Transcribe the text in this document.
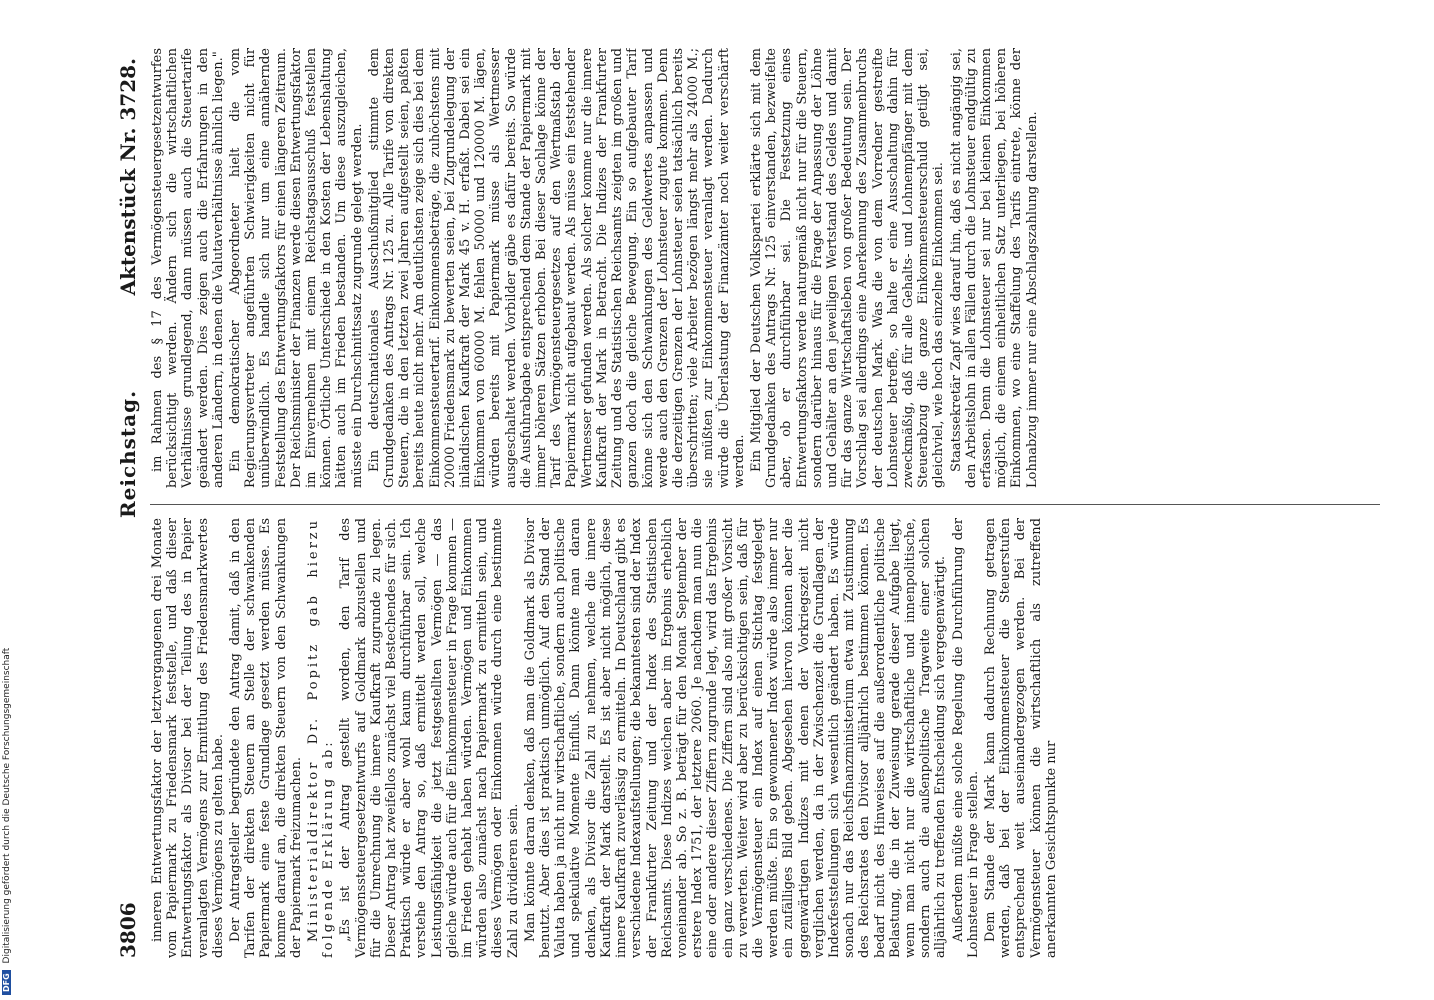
3806
Reichstag.
Aktenstück Nr. 3728.

inneren Entwertungsfaktor der letztvergangenen drei Monate vom Papiermark zu Friedensmark feststelle, und daß dieser Entwertungsfaktor als Divisor bei der Teilung des in Papier veranlagten Vermögens zur Ermittlung des Friedensmarkwertes dieses Vermögens zu gelten habe. Der Antragsteller begründete den Antrag damit, daß in den Tarifen der direkten Steuern an Stelle der schwankenden Papiermark eine feste Grundlage gesetzt werden müsse. Es komme darauf an, die direkten Steuern von den Schwankungen der Papiermark freizumachen. Ministerialdirektor Dr. Popitz gab hierzu folgende Erklärung ab: „Es ist der Antrag gestellt worden, den Tarif des Vermögenssteuergesetzentwurfs auf Goldmark abzustellen und für die Umrechnung die innere Kaufkraft zugrunde zu legen. Dieser Antrag hat zweifellos zunächst viel Bestechendes für sich. Praktisch würde er aber wohl kaum durchführbar sein. Ich verstehe den Antrag so, daß ermittelt werden soll, welche Leistungsfähigkeit die jetzt festgestellten Vermögen — das gleiche würde auch für die Einkommensteuer in Frage kommen — im Frieden gehabt haben würden. Vermögen und Einkommen würden also zunächst nach Papiermark zu ermitteln sein, und dieses Vermögen oder Einkommen würde durch eine bestimmte Zahl zu dividieren sein. Man könnte daran denken, daß man die Goldmark als Divisor benutzt. Aber dies ist praktisch unmöglich. Auf den Stand der Valuta haben ja nicht nur wirtschaftliche, sondern auch politische und spekulative Momente Einfluß. Dann könnte man daran denken, als Divisor die Zahl zu nehmen, welche die innere Kaufkraft der Mark darstellt. Es ist aber nicht möglich, diese innere Kaufkraft zuverlässig zu ermitteln. In Deutschland gibt es verschiedene Indexaufstellungen; die bekanntesten sind der Index der Frankfurter Zeitung und der Index des Statistischen Reichsamts. Diese Indizes weichen aber im Ergebnis erheblich voneinander ab. So z. B. beträgt für den Monat September der erstere Index 1751, der letztere 2060. Je nachdem man nun die eine oder andere dieser Ziffern zugrunde legt, wird das Ergebnis ein ganz verschiedenes. Die Ziffern sind also mit großer Vorsicht zu verwerten. Weiter wird aber zu berücksichtigen sein, daß für die Vermögensteuer ein Index auf einen Stichtag festgelegt werden müßte. Ein so gewonnener Index würde also immer nur ein zufälliges Bild geben. Abgesehen hiervon können aber die gegenwärtigen Indizes mit denen der Vorkriegszeit nicht verglichen werden, da in der Zwischenzeit die Grundlagen der Indexfeststellungen sich wesentlich geändert haben. Es würde sonach nur das Reichsfinanzministerium etwa mit Zustimmung des Reichsrates den Divisor alljährlich bestimmen können. Es bedarf nicht des Hinweises auf die außerordentliche politische Belastung, die in der Zuweisung gerade dieser Aufgabe liegt, wenn man nicht nur die wirtschaftliche und innenpolitische, sondern auch die außenpolitische Tragweite einer solchen alljährlich zu treffenden Entscheidung sich vergegenwärtigt. Außerdem müßte eine solche Regelung die Durchführung der Lohnsteuer in Frage stellen. Dem Stande der Mark kann dadurch Rechnung getragen werden, daß bei der Einkommensteuer die Steuerstufen entsprechend weit auseinandergezogen werden. Bei der Vermögensteuer können die wirtschaftlich als zutreffend anerkannten Gesichtspunkte nur

im Rahmen des § 17 des Vermögensteuergesetzentwurfes berücksichtigt werden. Ändern sich die wirtschaftlichen Verhältnisse grundlegend, dann müssen auch die Steuertarife geändert werden. Dies zeigen auch die Erfahrungen in den anderen Ländern, in denen die Valutaverhältnisse ähnlich liegen." Ein demokratischer Abgeordneter hielt die vom Regierungsvertreter angeführten Schwierigkeiten nicht für unüberwindlich. Es handle sich nur um eine annähernde Feststellung des Entwertungsfaktors für einen längeren Zeitraum. Der Reichsminister der Finanzen werde diesen Entwertungsfaktor im Einvernehmen mit einem Reichstagsausschuß feststellen können. Örtliche Unterschiede in den Kosten der Lebenshaltung hätten auch im Frieden bestanden. Um diese auszugleichen, müsste ein Durchschnittssatz zugrunde gelegt werden. Ein deutschnationales Ausschußmitglied stimmte dem Grundgedanken des Antrags Nr. 125 zu. Alle Tarife von direkten Steuern, die in den letzten zwei Jahren aufgestellt seien, paßten bereits heute nicht mehr. Am deutlichsten zeige sich dies bei dem Einkommensteuertarif. Einkommensbeträge, die zuhöchstens mit 20000 Friedensmark zu bewerten seien, bei Zugrundelegung der inländischen Kaufkraft der Mark 45 v. H. erfaßt. Dabei sei ein Einkommen von 60000 M. fehlen 50000 und 120000 M. lägen, würden bereits mit Papiermark müsse als Wertmesser ausgeschaltet werden. Vorbilder gäbe es dafür bereits. So würde die Ausfuhrabgabe entsprechend dem Stande der Papiermark mit immer höheren Sätzen erhoben. Bei dieser Sachlage könne der Tarif des Vermögensteuergesetzes auf den Wertmaßstab der Papiermark nicht aufgebaut werden. Als müsse ein feststehender Wertmesser gefunden werden. Als solcher komme nur die innere Kaufkraft der Mark in Betracht. Die Indizes der Frankfurter Zeitung und des Statistischen Reichsamts zeigten im großen und ganzen doch die gleiche Bewegung. Ein so aufgebauter Tarif könne sich den Schwankungen des Geldwertes anpassen und werde auch den Grenzen der Lohnsteuer zugute kommen. Denn die derzeitigen Grenzen der Lohnsteuer seien tatsächlich bereits überschritten; viele Arbeiter bezögen längst mehr als 24000 M.; sie müßten zur Einkommensteuer veranlagt werden. Dadurch würde die Überlastung der Finanzämter noch weiter verschärft werden. Ein Mitglied der Deutschen Volkspartei erklärte sich mit dem Grundgedanken des Antrags Nr. 125 einverstanden, bezweifelte aber, ob er durchführbar sei. Die Festsetzung eines Entwertungsfaktors werde naturgemäß nicht nur für die Steuern, sondern darüber hinaus für die Frage der Anpassung der Löhne und Gehälter an den jeweiligen Wertstand des Geldes und damit für das ganze Wirtschaftsleben von großer Bedeutung sein. Der Vorschlag sei allerdings eine Anerkennung des Zusammenbruchs der deutschen Mark. Was die von dem Vorredner gestreifte Lohnsteuer betreffe, so halte er eine Ausschaltung dahin für zweckmäßig, daß für alle Gehalts- und Lohnempfänger mit dem Steuerabzug die ganze Einkommensteuerschuld getilgt sei, gleichviel, wie hoch das einzelne Einkommen sei. Staatssekretär Zapf wies darauf hin, daß es nicht angängig sei, den Arbeitslohn in allen Fällen durch die Lohnsteuer endgültig zu erfassen. Denn die Lohnsteuer sei nur bei kleinen Einkommen möglich, die einem einheitlichen Satz unterliegen, bei höheren Einkommen, wo eine Staffelung des Tarifs eintrete, könne der Lohnabzug immer nur eine Abschlagszahlung darstellen.

DFG Digitalisierung gefördert durch die Deutsche Forschungsgemeinschaft
